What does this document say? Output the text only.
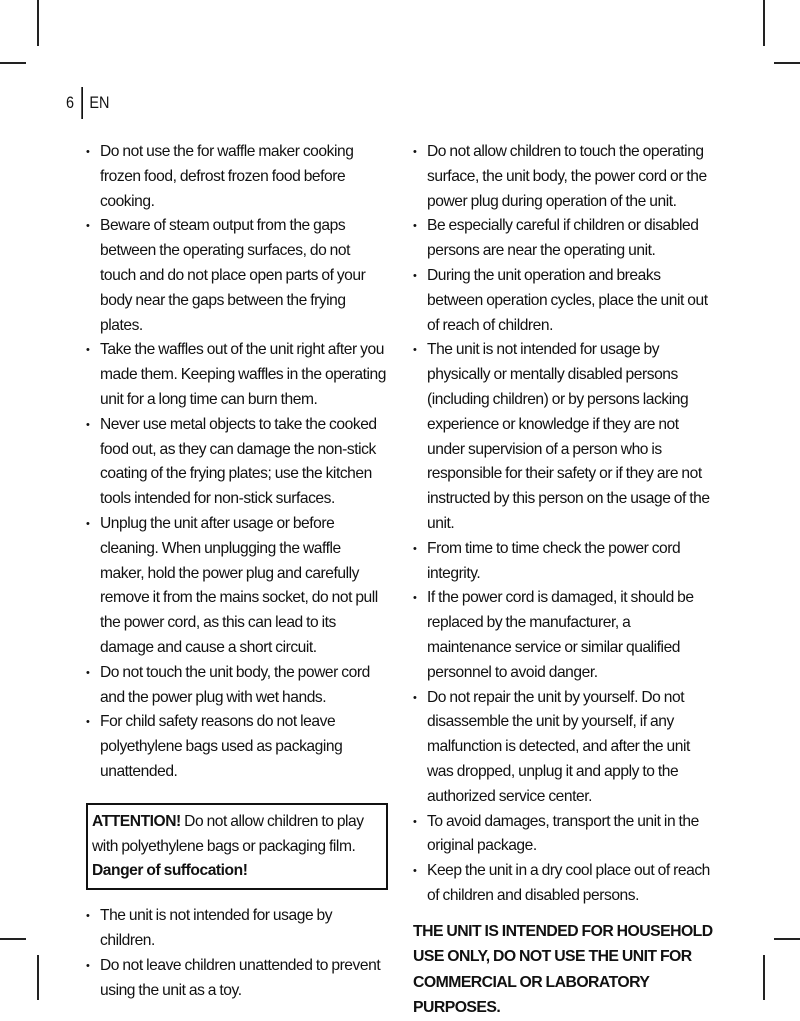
6 EN
• Do not use the for waffle maker cooking frozen food, defrost frozen food before cooking.
• Beware of steam output from the gaps between the operating surfaces, do not touch and do not place open parts of your body near the gaps between the frying plates.
• Take the waffles out of the unit right after you made them. Keeping waffles in the operating unit for a long time can burn them.
• Never use metal objects to take the cooked food out, as they can damage the non-stick coating of the frying plates; use the kitchen tools intended for non-stick surfaces.
• Unplug the unit after usage or before cleaning. When unplugging the waffle maker, hold the power plug and carefully remove it from the mains socket, do not pull the power cord, as this can lead to its damage and cause a short circuit.
• Do not touch the unit body, the power cord and the power plug with wet hands.
• For child safety reasons do not leave polyethylene bags used as packaging unattended.
ATTENTION! Do not allow children to play with polyethylene bags or packaging film. Danger of suffocation!
• The unit is not intended for usage by children.
• Do not leave children unattended to prevent using the unit as a toy.
• Do not allow children to touch the operating surface, the unit body, the power cord or the power plug during operation of the unit.
• Be especially careful if children or disabled persons are near the operating unit.
• During the unit operation and breaks between operation cycles, place the unit out of reach of children.
• The unit is not intended for usage by physically or mentally disabled persons (including children) or by persons lacking experience or knowledge if they are not under supervision of a person who is responsible for their safety or if they are not instructed by this person on the usage of the unit.
• From time to time check the power cord integrity.
• If the power cord is damaged, it should be replaced by the manufacturer, a maintenance service or similar qualified personnel to avoid danger.
• Do not repair the unit by yourself. Do not disassemble the unit by yourself, if any malfunction is detected, and after the unit was dropped, unplug it and apply to the authorized service center.
• To avoid damages, transport the unit in the original package.
• Keep the unit in a dry cool place out of reach of children and disabled persons.
THE UNIT IS INTENDED FOR HOUSEHOLD USE ONLY, DO NOT USE THE UNIT FOR COMMERCIAL OR LABORATORY PURPOSES.
